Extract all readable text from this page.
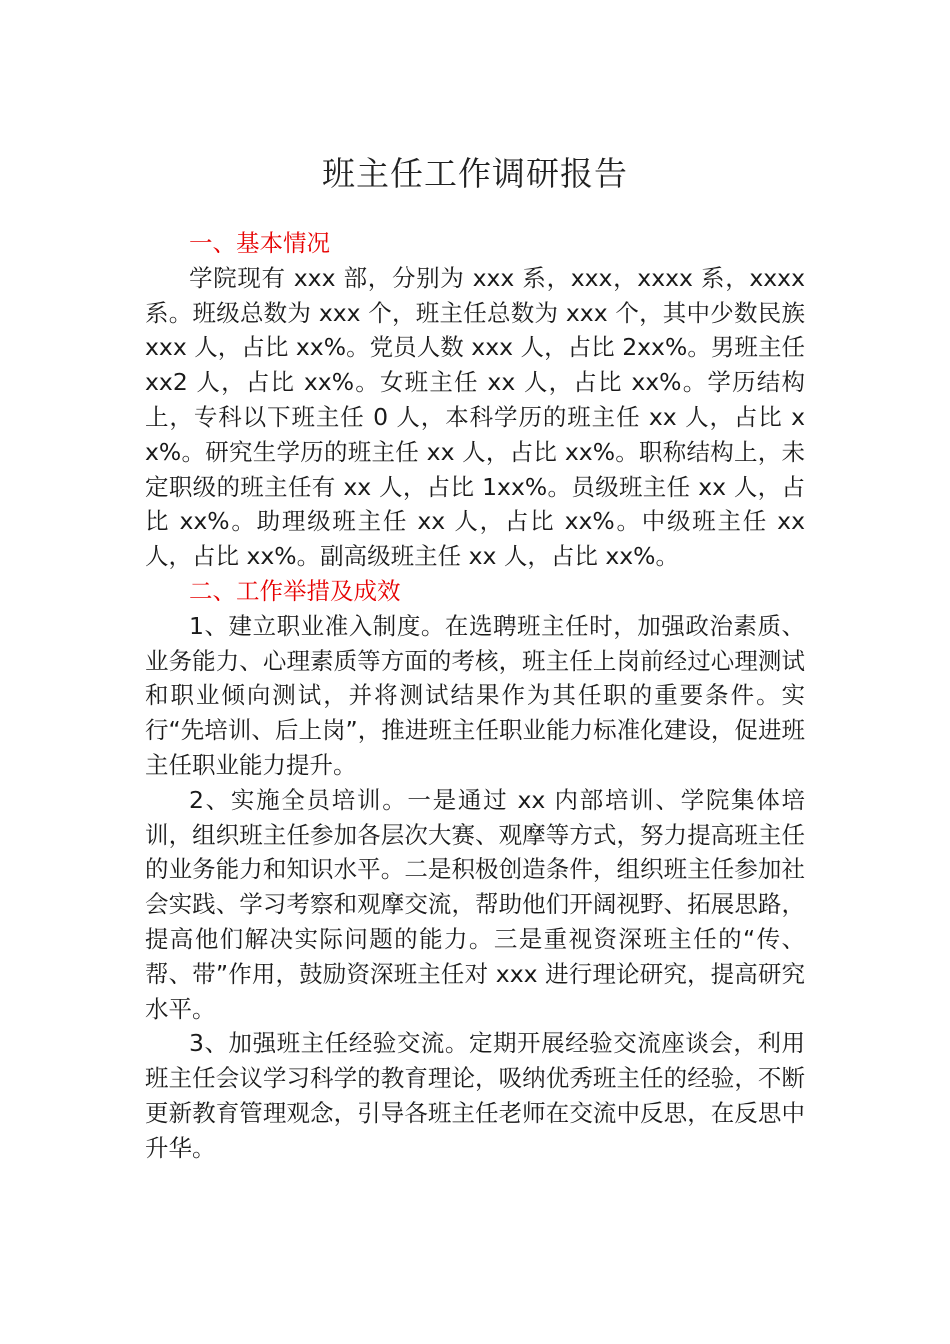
班主任工作调研报告
一、基本情况

学院现有 xxx 部，分别为 xxx 系，xxx，xxxx 系，xxxx 系。班级总数为 xxx 个，班主任总数为 xxx 个，其中少数民族 xxx 人，占比 xx%。党员人数 xxx 人，占比 2xx%。男班主任 xx2 人，占比 xx%。女班主任 xx 人，占比 xx%。学历结构上，专科以下班主任 0 人，本科学历的班主任 xx 人，占比 xx%。研究生学历的班主任 xx 人，占比 xx%。职称结构上，未定职级的班主任有 xx 人，占比 1xx%。员级班主任 xx 人，占比 xx%。助理级班主任 xx 人，占比 xx%。中级班主任 xx 人，占比 xx%。副高级班主任 xx 人，占比 xx%。

二、工作举措及成效

1、建立职业准入制度。在选聘班主任时，加强政治素质、业务能力、心理素质等方面的考核，班主任上岗前经过心理测试和职业倾向测试，并将测试结果作为其任职的重要条件。实行“先培训、后上岗”，推进班主任职业能力标准化建设，促进班主任职业能力提升。

2、实施全员培训。一是通过 xx 内部培训、学院集体培训，组织班主任参加各层次大赛、观摩等方式，努力提高班主任的业务能力和知识水平。二是积极创造条件，组织班主任参加社会实践、学习考察和观摩交流，帮助他们开阔视野、拓展思路，提高他们解决实际问题的能力。三是重视资深班主任的“传、帮、带”作用，鼓励资深班主任对 xxx 进行理论研究，提高研究水平。

3、加强班主任经验交流。定期开展经验交流座谈会，利用班主任会议学习科学的教育理论，吸纳优秀班主任的经验，不断更新教育管理观念，引导各班主任老师在交流中反思，在反思中升华。
